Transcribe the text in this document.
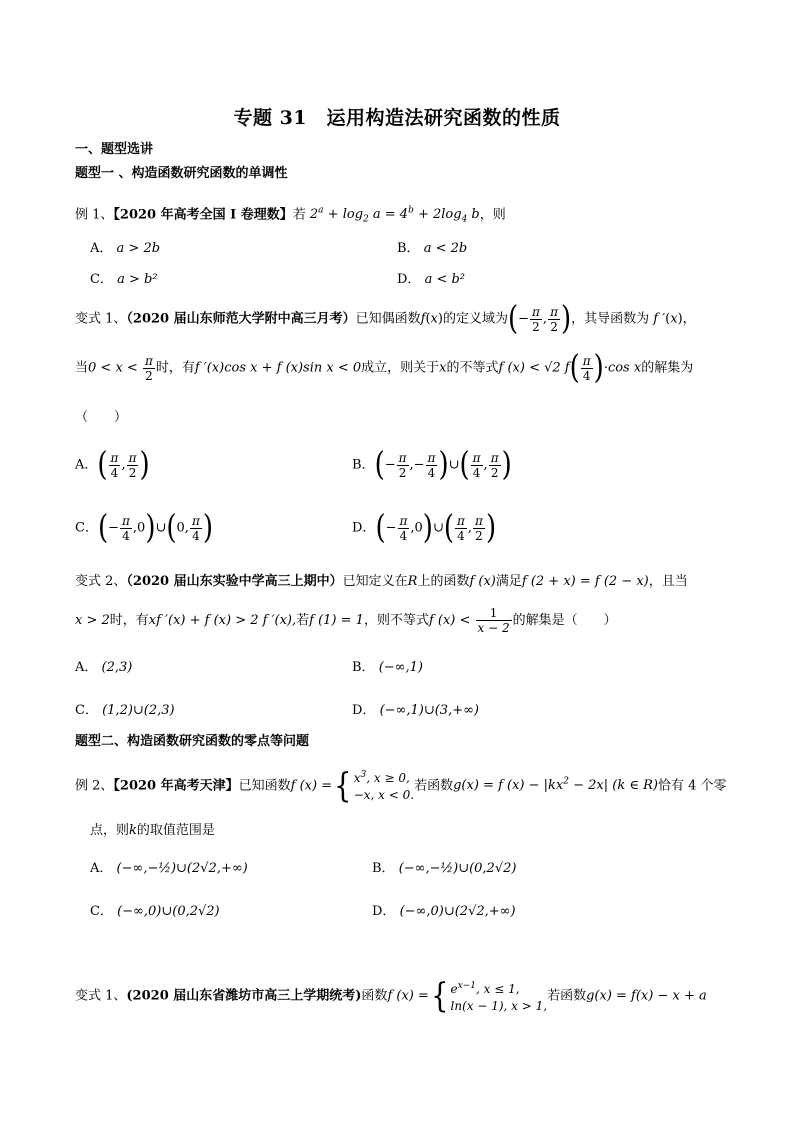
专题 31　运用构造法研究函数的性质
一、题型选讲
题型一 、构造函数研究函数的单调性
例 1、【2020 年高考全国 I 卷理数】若 $2^a + \log_2 a = 4^b + 2\log_4$ b，则
A． a > 2b	B． a < 2b
C． a > b²	D． a < b²
变式 1、（2020 届山东师范大学附中高三月考）已知偶函数f(x)的定义域为(− $\frac{\pi}{2}$ , $\frac{\pi}{2}$ )，其导函数为 f ′(x)，
当$0 < x < \frac{\pi}{2}$ 时，有f ′(x)cos x + f (x)sin x < 0成立，则关于x的不等式f (x) < √2 $f( \frac{\pi}{4} )\cdot\cos$ x的解集为
（　　）
A．( $\frac{\pi}{4}$ , $\frac{\pi}{2}$ )	B．(− $\frac{\pi}{2}$ ,− $\frac{\pi}{4}$ )∪( $\frac{\pi}{4}$ , $\frac{\pi}{2}$ )
C．(− $\frac{\pi}{4}$ ,0)∪(0, $\frac{\pi}{4}$ )	D．(− $\frac{\pi}{4}$ ,0)∪( $\frac{\pi}{4}$ , $\frac{\pi}{2}$ )
变式 2、（2020 届山东实验中学高三上期中）已知定义在R上的函数f (x)满足f (2 + x) = f (2 − x)，且当
x > 2时，有xf ′(x) + f (x) > 2 f ′(x),若f (1) = 1，则不等式f $(x) < \frac{1}{x - 2}$ 的解集是（　　）
A． (2,3)	B． (−∞,1)
C． (1,2)∪(2,3)	D． (−∞,1)∪(3,+∞)
题型二、构造函数研究函数的零点等问题
例 2、【2020 年高考天津】已知函数f (x) ={ $x^3$, x ≥ 0,
−x, x < 0.
若函数g(x) = f $(x) - |kx^2 - 2x|$ (k ∈ R)恰有 4 个零
点，则k的取值范围是
A． (−∞,−½)∪(2√2,+∞)	B． (−∞,−½)∪(0,2√2)
C． (−∞,0)∪(0,2√2)	D． (−∞,0)∪(2√2,+∞)
变式 1、(2020 届山东省潍坊市高三上学期统考)函数f (x) ={ $e^{x-1}$, x ≤ 1,
ln(x − 1), x > 1,
若函数g(x) = f(x) − x + a
